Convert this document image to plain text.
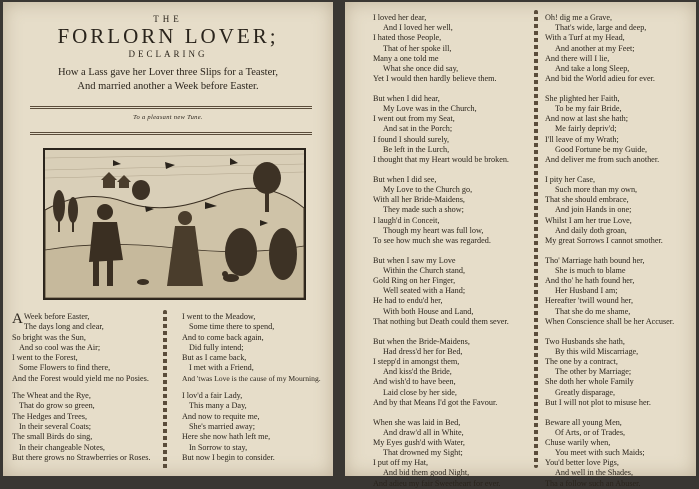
THE
FORLORN LOVER;
DECLARING
How a Lass gave her Lover three Slips for a Teaster,
And married another a Week before Easter.
To a pleasant new Tune.
A Week before Easter,
The days long and clear,
So bright was the Sun,
And so cool was the Air;
I went to the Forest,
Some Flowers to find there,
And the Forest would yield me no Posies.
The Wheat and the Rye,
That do grow so green,
The Hedges and Trees,
In their several Coats;
The small Birds do sing,
In their changeable Notes,
But there grows no Strawberries or Roses.
I went to the Meadow,
Some time there to spend,
And to come back again,
Did fully intend;
But as I came back,
I met with a Friend,
And 'twas Love is the cause of my Mourning.
I lov'd a fair Lady,
This many a Day,
And now to requite me,
She's married away;
Here she now hath left me,
In Sorrow to stay,
But now I begin to consider.
I loved her dear,
And I loved her well,
I hated those People,
That of her spoke ill,
Many a one told me
What she once did say,
Yet I would then hardly believe them.
But when I did hear,
My Love was in the Church,
I went out from my Seat,
And sat in the Porch;
I found I should surely,
Be left in the Lurch,
I thought that my Heart would be broken.
But when I did see,
My Love to the Church go,
With all her Bride-Maidens,
They made such a show;
I laugh'd in Conceit,
Though my heart was full low,
To see how much she was regarded.
But when I saw my Love
Within the Church stand,
Gold Ring on her Finger,
Well seated with a Hand;
He had to endu'd her,
With both House and Land,
That nothing but Death could them sever.
But when the Bride-Maidens,
Had dress'd her for Bed,
I stepp'd in amongst them,
And kiss'd the Bride,
And wish'd to have been,
Laid close by her side,
And by that Means I'd got the Favour.
When she was laid in Bed,
And draw'd all in White,
My Eyes gush'd with Water,
That drowned my Sight;
I put off my Hat,
And bid them good Night,
And adieu my fair Sweetheart for ever.
Oh! dig me a Grave,
That's wide, large and deep,
With a Turf at my Head,
And another at my Feet;
And there will I lie,
And take a long Sleep,
And bid the World adieu for ever.
She plighted her Faith,
To be my fair Bride,
And now at last she hath;
Me fairly depriv'd;
I'll leave of my Wrath;
Good Fortune be my Guide,
And deliver me from such another.
I pity her Case,
Such more than my own,
That she should embrace,
And join Hands in one;
Whilst I am her true Love,
And daily doth groan,
My great Sorrows I cannot smother.
Tho' Marriage hath bound her,
She is much to blame
And tho' he hath found her,
Her Husband I am;
Hereafter 'twill wound her,
That she do me shame,
When Conscience shall be her Accuser.
Two Husbands she hath,
By this wild Miscarriage,
The one by a contract,
The other by Marriage;
She doth her whole Family
Greatly disparage,
But I will not plot to misuse her.
Beware all young Men,
Of Arts, or of Trades,
Chuse warily when,
You meet with such Maids;
You'd better love Pigs,
And well in the Shades,
Tha a follow such an Abuser.
